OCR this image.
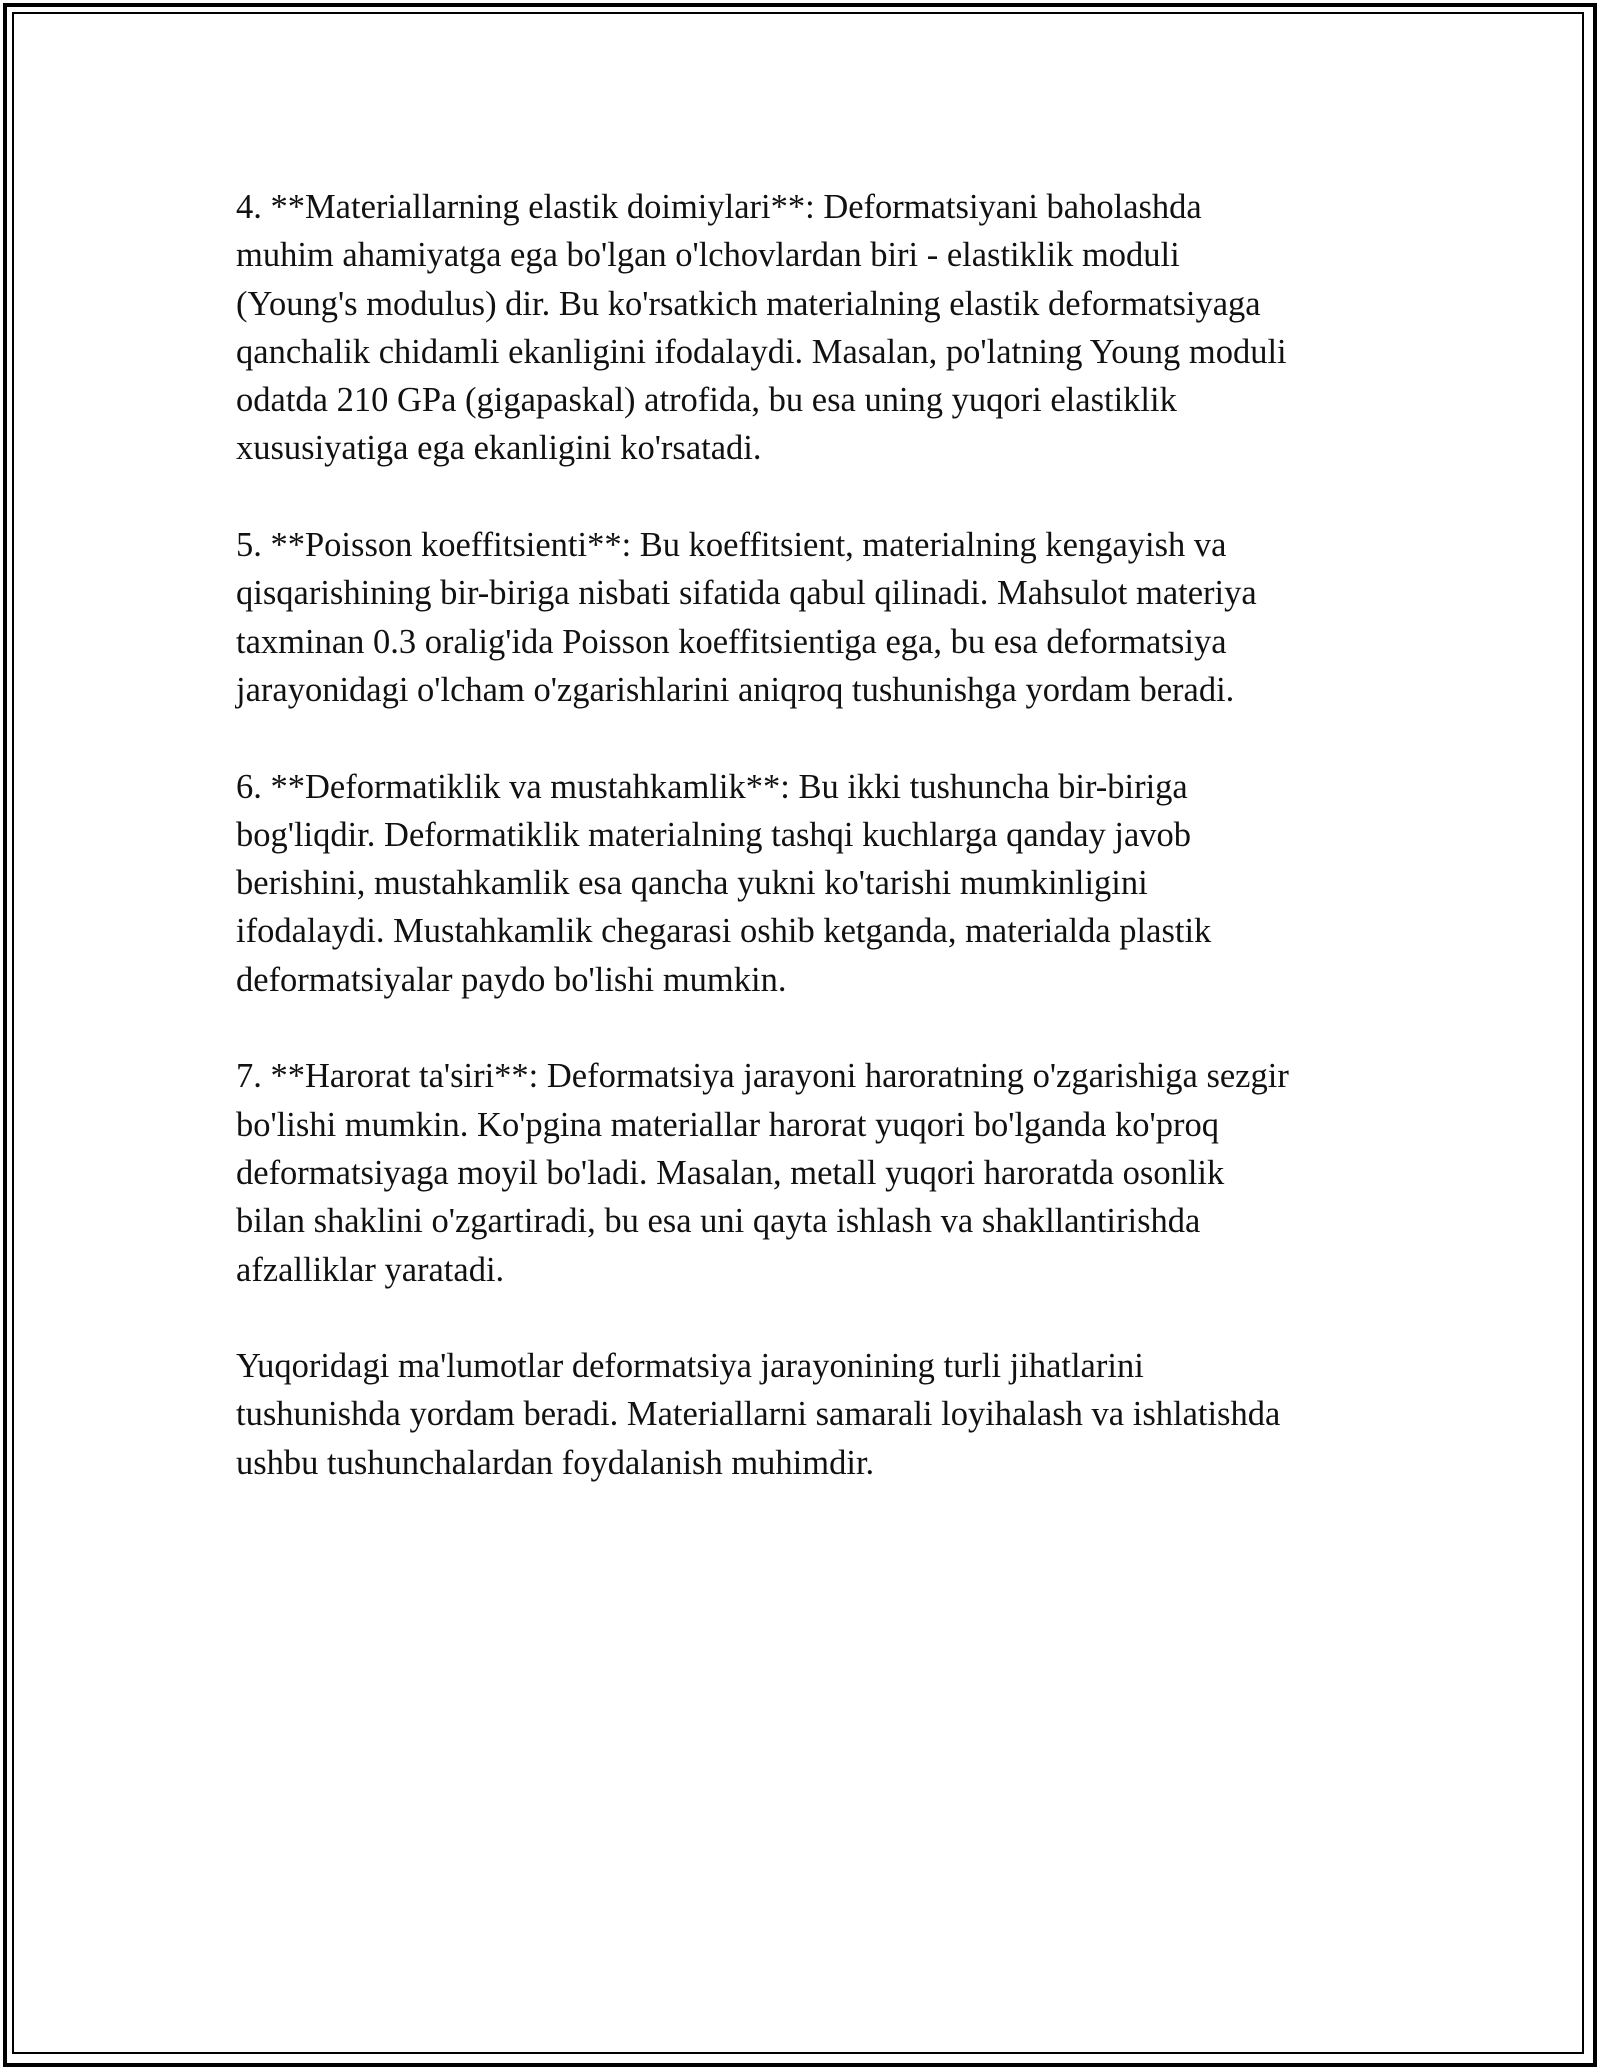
4. **Materiallarning elastik doimiylari**: Deformatsiyani baholashda
muhim ahamiyatga ega bo'lgan o'lchovlardan biri - elastiklik moduli
(Young's modulus) dir. Bu ko'rsatkich materialning elastik deformatsiyaga
qanchalik chidamli ekanligini ifodalaydi. Masalan, po'latning Young moduli
odatda 210 GPa (gigapaskal) atrofida, bu esa uning yuqori elastiklik
xususiyatiga ega ekanligini ko'rsatadi.

5. **Poisson koeffitsienti**: Bu koeffitsient, materialning kengayish va
qisqarishining bir-biriga nisbati sifatida qabul qilinadi. Mahsulot materiya
taxminan 0.3 oralig'ida Poisson koeffitsientiga ega, bu esa deformatsiya
jarayonidagi o'lcham o'zgarishlarini aniqroq tushunishga yordam beradi.

6. **Deformatiklik va mustahkamlik**: Bu ikki tushuncha bir-biriga
bog'liqdir. Deformatiklik materialning tashqi kuchlarga qanday javob
berishini, mustahkamlik esa qancha yukni ko'tarishi mumkinligini
ifodalaydi. Mustahkamlik chegarasi oshib ketganda, materialda plastik
deformatsiyalar paydo bo'lishi mumkin.

7. **Harorat ta'siri**: Deformatsiya jarayoni haroratning o'zgarishiga sezgir
bo'lishi mumkin. Ko'pgina materiallar harorat yuqori bo'lganda ko'proq
deformatsiyaga moyil bo'ladi. Masalan, metall yuqori haroratda osonlik
bilan shaklini o'zgartiradi, bu esa uni qayta ishlash va shakllantirishda
afzalliklar yaratadi.

Yuqoridagi ma'lumotlar deformatsiya jarayonining turli jihatlarini
tushunishda yordam beradi. Materiallarni samarali loyihalash va ishlatishda
ushbu tushunchalardan foydalanish muhimdir.
